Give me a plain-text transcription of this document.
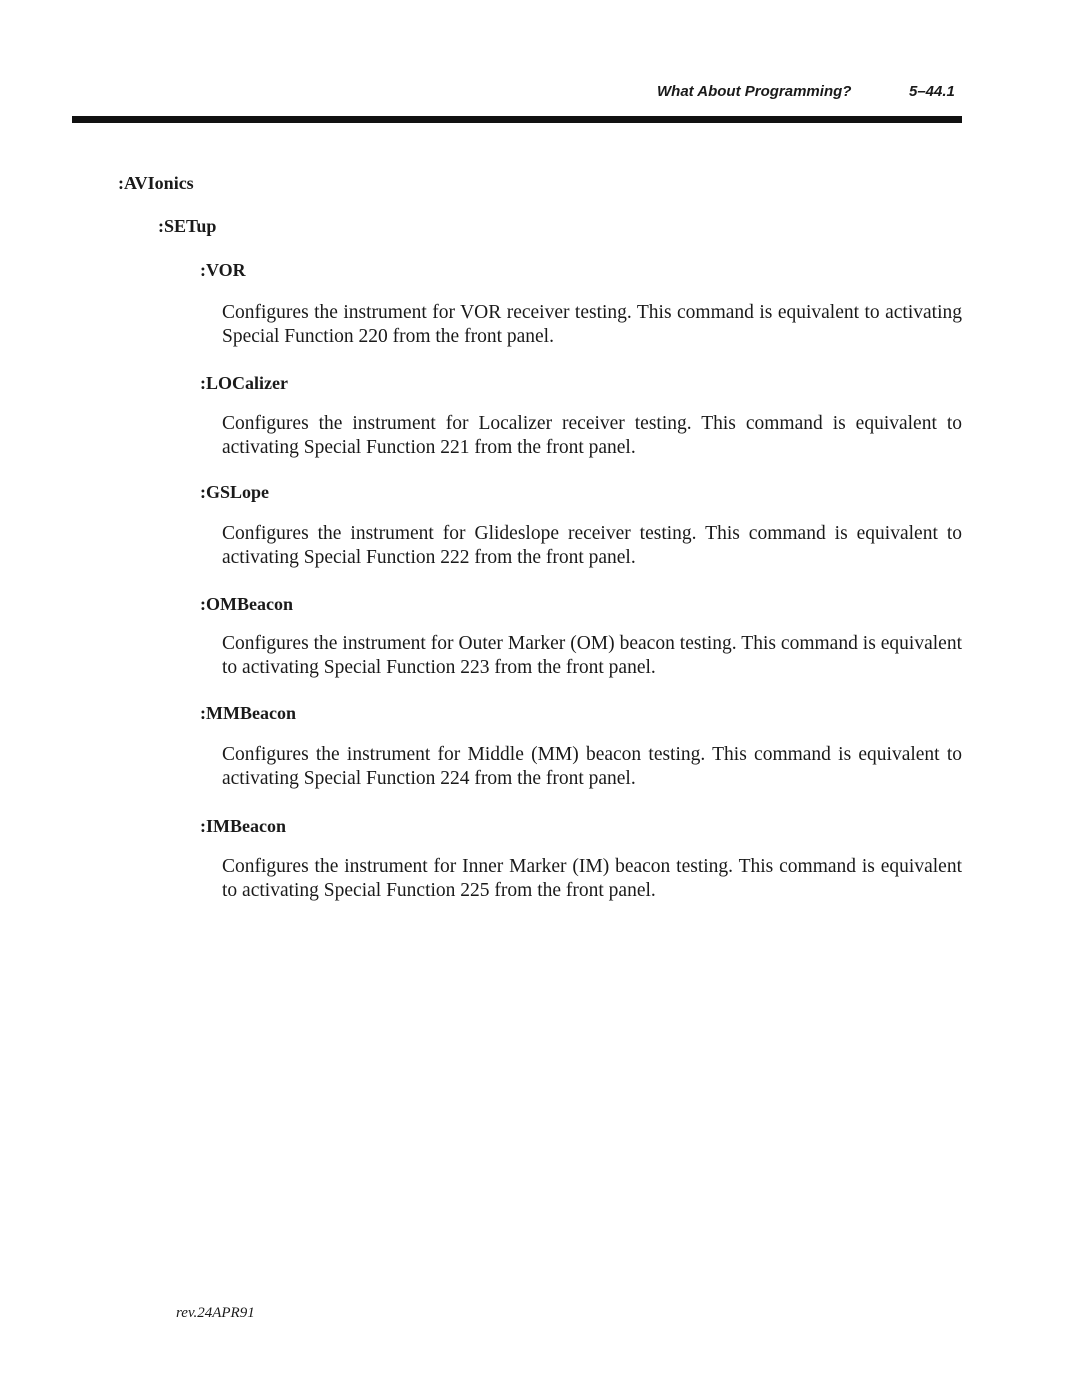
What About Programming?	5–44.1
:AVIonics
:SETup
:VOR
Configures the instrument for VOR receiver testing. This command is equivalent to activating Special Function 220 from the front panel.
:LOCalizer
Configures the instrument for Localizer receiver testing. This command is equivalent to activating Special Function 221 from the front panel.
:GSLope
Configures the instrument for Glideslope receiver testing. This command is equivalent to activating Special Function 222 from the front panel.
:OMBeacon
Configures the instrument for Outer Marker (OM) beacon testing. This command is equivalent to activating Special Function 223 from the front panel.
:MMBeacon
Configures the instrument for Middle (MM) beacon testing. This command is equivalent to activating Special Function 224 from the front panel.
:IMBeacon
Configures the instrument for Inner Marker (IM) beacon testing. This command is equivalent to activating Special Function 225 from the front panel.
rev.24APR91
